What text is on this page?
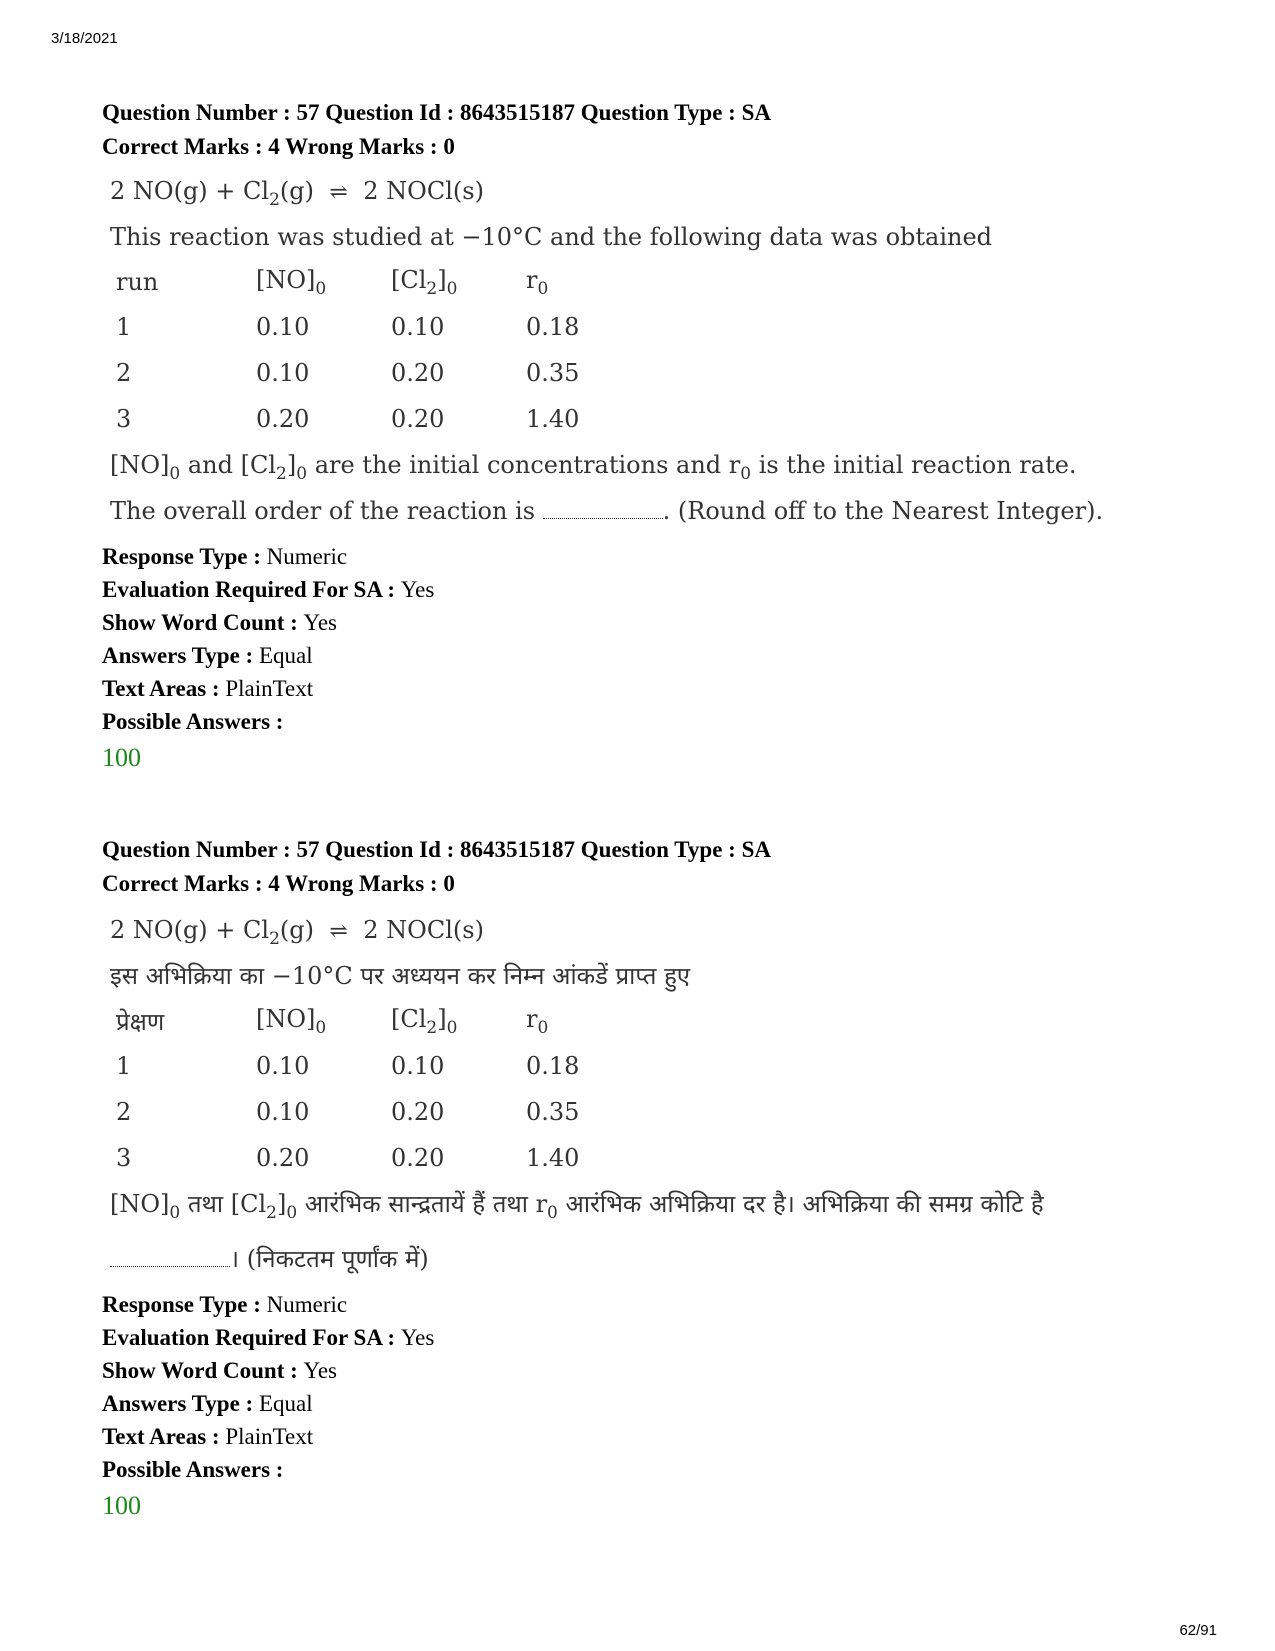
3/18/2021
Question Number : 57 Question Id : 8643515187 Question Type : SA
Correct Marks : 4 Wrong Marks : 0
2 $NO(g) + Cl_2(g)$ ⇌ 2 NOCl(s)
This reaction was studied at −10°C and the following data was obtained
run	$[NO]_0$	$[Cl_2]_0$	$r_0$
1	0.10	0.10	0.18
2	0.10	0.20	0.35
3	0.20	0.20	1.40
$[NO]_0$ and $[Cl_2]_0$ are the initial concentrations and $r_0$ is the initial reaction rate.
The overall order of the reaction is	. (Round off to the Nearest Integer).
Response Type : Numeric
Evaluation Required For SA : Yes
Show Word Count : Yes
Answers Type : Equal
Text Areas : PlainText
Possible Answers :
100
Question Number : 57 Question Id : 8643515187 Question Type : SA
Correct Marks : 4 Wrong Marks : 0
2 $NO(g) + Cl_2(g)$ ⇌ 2 NOCl(s)
इस अभिक्रिया का −10°C पर अध्ययन कर निम्न आंकडें प्राप्त हुए
प्रेक्षण	$[NO]_0$	$[Cl_2]_0$	$r_0$
1	0.10	0.10	0.18
2	0.10	0.20	0.35
3	0.20	0.20	1.40
$[NO]_0$ तथा $[Cl_2]_0$ आरंभिक सान्द्रतायें हैं तथा $r_0$ आरंभिक अभिक्रिया दर है। अभिक्रिया की समग्र कोटि है
। (निकटतम पूर्णांक में)
Response Type : Numeric
Evaluation Required For SA : Yes
Show Word Count : Yes
Answers Type : Equal
Text Areas : PlainText
Possible Answers :
100
62/91
